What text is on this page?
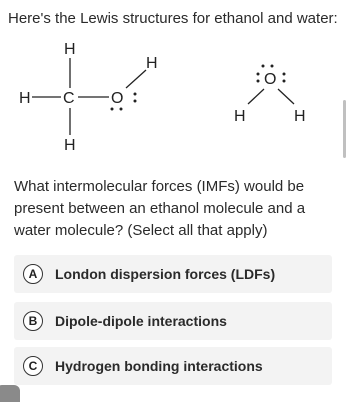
Here's the Lewis structures for ethanol and water:
H
H C
H
O
H
O
H	H
What intermolecular forces (IMFs) would be present between an ethanol molecule and a water molecule? (Select all that apply)
A	London dispersion forces (LDFs)
B	Dipole-dipole interactions
C	Hydrogen bonding interactions
